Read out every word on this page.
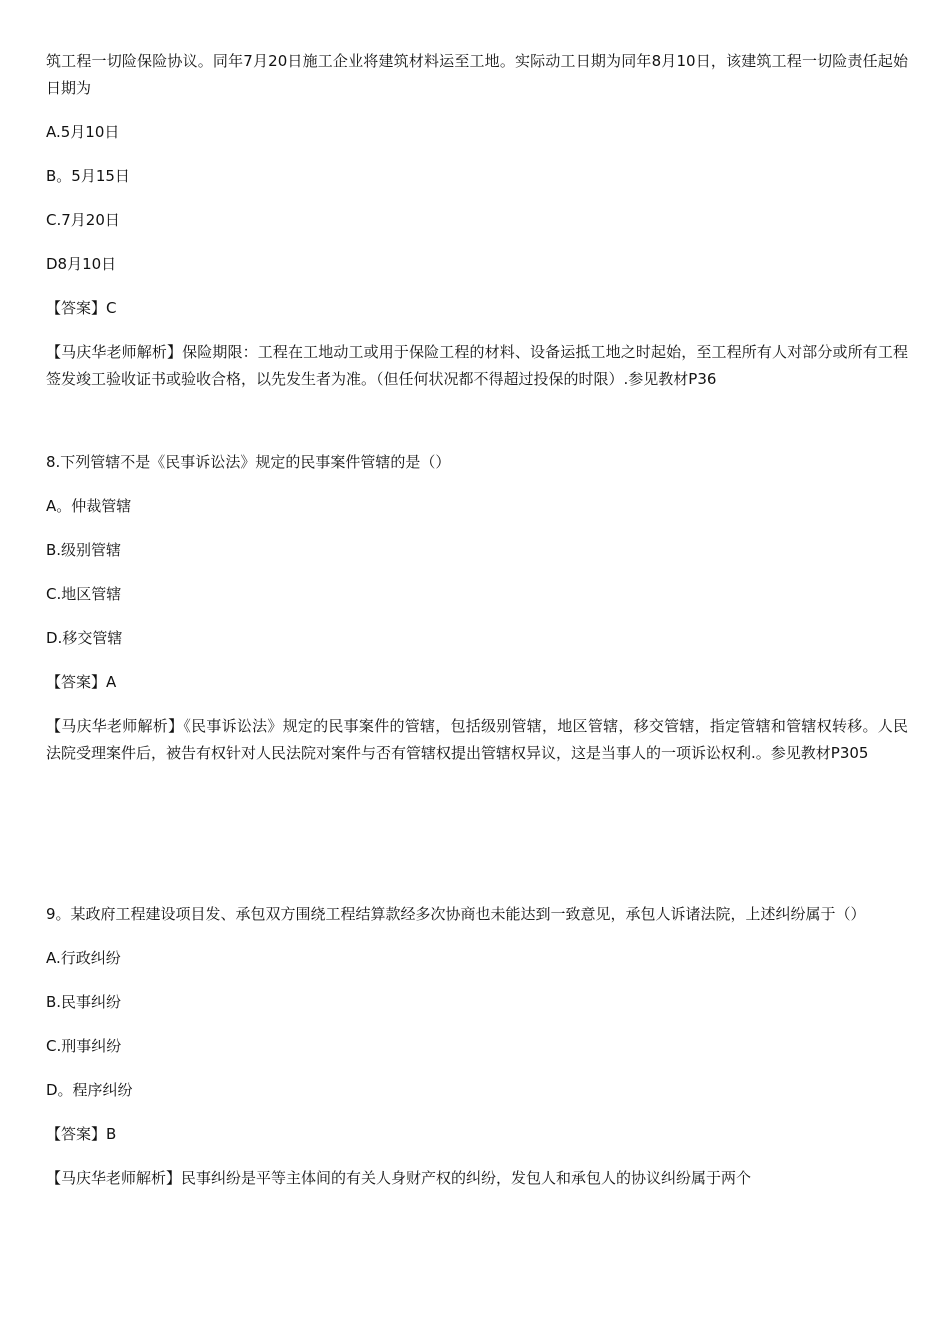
筑工程一切险保险协议。同年7月20日施工企业将建筑材料运至工地。实际动工日期为同年8月10日，该建筑工程一切险责任起始日期为

A.5月10日

B。5月15日

C.7月20日

D8月10日

【答案】C

【马庆华老师解析】保险期限：工程在工地动工或用于保险工程的材料、设备运抵工地之时起始，至工程所有人对部分或所有工程签发竣工验收证书或验收合格，以先发生者为准。（但任何状况都不得超过投保的时限）.参见教材P36

8.下列管辖不是《民事诉讼法》规定的民事案件管辖的是（）

A。仲裁管辖

B.级别管辖

C.地区管辖

D.移交管辖

【答案】A

【马庆华老师解析】《民事诉讼法》规定的民事案件的管辖，包括级别管辖，地区管辖，移交管辖，指定管辖和管辖权转移。人民法院受理案件后，被告有权针对人民法院对案件与否有管辖权提出管辖权异议，这是当事人的一项诉讼权利.。参见教材P305

9。某政府工程建设项目发、承包双方围绕工程结算款经多次协商也未能达到一致意见，承包人诉诸法院，上述纠纷属于（）

A.行政纠纷

B.民事纠纷

C.刑事纠纷

D。程序纠纷

【答案】B

【马庆华老师解析】民事纠纷是平等主体间的有关人身财产权的纠纷，发包人和承包人的协议纠纷属于两个
